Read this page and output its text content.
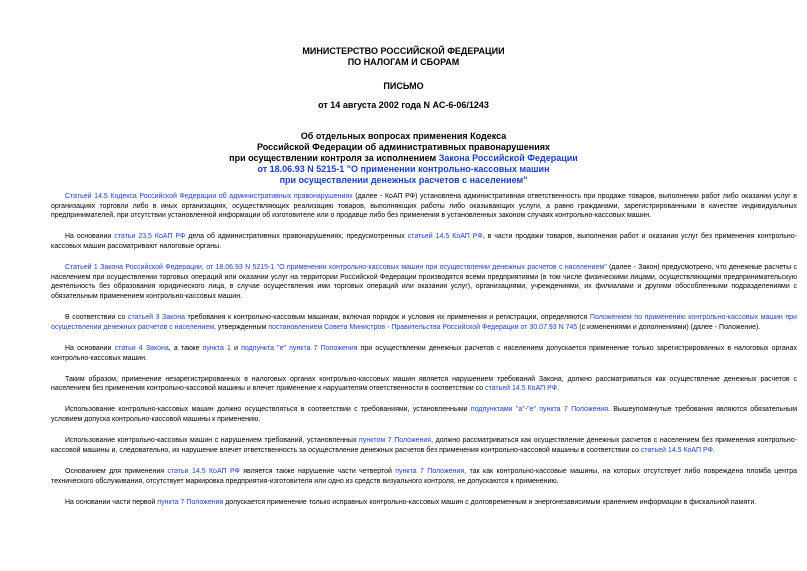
МИНИСТЕРСТВО РОССИЙСКОЙ ФЕДЕРАЦИИ
ПО НАЛОГАМ И СБОРАМ
ПИСЬМО
от 14 августа 2002 года N АС-6-06/1243
Об отдельных вопросах применения Кодекса
Российской Федерации об административных правонарушениях
при осуществлении контроля за исполнением Закона Российской Федерации
от 18.06.93 N 5215-1 "О применении контрольно-кассовых машин
при осуществлении денежных расчетов с населением"

Статьей 14.5 Кодекса Российской Федерации об административных правонарушениях (далее - КоАП РФ) установлена административная ответственность при продаже товаров, выполнении работ либо оказании услуг в организациях торговли либо в иных организациях, осуществляющих реализацию товаров, выполняющих работы либо оказывающих услуги, а равно гражданами, зарегистрированными в качестве индивидуальных предпринимателей, при отсутствии установленной информации об изготовителе или о продавце либо без применения в установленных законом случаях контрольно-кассовых машин.

На основании статьи 23.5 КоАП РФ дела об административных правонарушениях, предусмотренных статьей 14.5 КоАП РФ, в части продажи товаров, выполнения работ и оказания услуг без применения контрольно-кассовых машин рассматривают налоговые органы.

Статьей 1 Закона Российской Федерации, от 18.06.93 N 5215-1 "О применении контрольно-кассовых машин при осуществлении денежных расчетов с населением" (далее - Закон) предусмотрено, что денежные расчеты с населением при осуществлении торговых операций или оказании услуг на территории Российской Федерации производятся всеми предприятиями (в том числе физическими лицами, осуществляющими предпринимательскую деятельность без образования юридического лица, в случае осуществления ими торговых операций или оказания услуг), организациями, учреждениями, их филиалами и другими обособленными подразделениями с обязательным применением контрольно-кассовых машин.

В соответствии со статьей 3 Закона требования к контрольно-кассовым машинам, включая порядок и условия их применения и регистрации, определяются Положением по применению контрольно-кассовых машин при осуществлении денежных расчетов с населением, утвержденным постановлением Совета Министров - Правительства Российской Федерации от 30.07.93 N 745 (с изменениями и дополнениями) (далее - Положение).

На основании статьи 4 Закона, а также пункта 1 и подпункта "е" пункта 7 Положения при осуществлении денежных расчетов с населением допускается применение только зарегистрированных в налоговых органах контрольно-кассовых машин.

Таким образом, применение незарегистрированных в налоговых органах контрольно-кассовых машин является нарушением требований Закона, должно рассматриваться как осуществление денежных расчетов с населением без применения контрольно-кассовой машины и влечет применение к нарушителям ответственности в соответствии со статьей 14.5 КоАП РФ.

Использование контрольно-кассовых машин должно осуществляться в соответствии с требованиями, установленными подпунктами "а"-"е" пункта 7 Положения. Вышеупомянутые требования являются обязательным условием допуска контрольно-кассовой машины к применению.

Использование контрольно-кассовых машин с нарушением требований, установленных пунктом 7 Положения, должно рассматриваться как осуществление денежных расчетов с населением без применения контрольно-кассовой машины и, следовательно, их нарушение влечет ответственность за осуществление денежных расчетов без применения контрольно-кассовой машины в соответствии со статьей 14.5 КоАП РФ.

Основанием для применения статьи 14.5 КоАП РФ является также нарушение части четвертой пункта 7 Положения, так как контрольно-кассовые машины, на которых отсутствует либо повреждена пломба центра технического обслуживания, отсутствует маркировка предприятия-изготовителя или одно из средств визуального контроля, не допускаются к применению.

На основании части первой пункта 7 Положения допускается применение только исправных контрольно-кассовых машин с долговременным и энергонезависимым хранением информации в фискальной памяти.
